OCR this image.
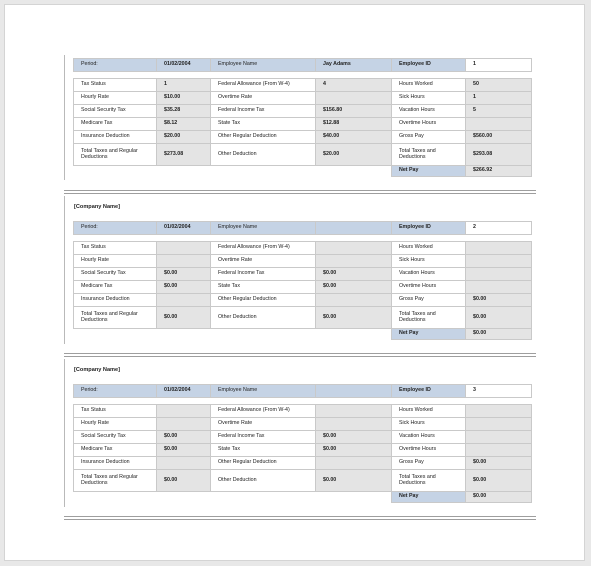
Period:	01/02/2004	Employee Name	Jay Adams	Employee ID	1

Tax Status	1	Federal Allowance (From W-4)	4	Hours Worked	50
Hourly Rate	$10.00	Overtime Rate		Sick Hours	1
Social Security Tax	$35.28	Federal Income Tax	$156.80	Vacation Hours	5
Medicare Tax	$8.12	State Tax	$12.88	Overtime Hours	
Insurance Deduction	$20.00	Other Regular Deduction	$40.00	Gross Pay	$560.00
Total Taxes and Regular Deductions	$273.08	Other Deduction	$20.00	Total Taxes and Deductions	$293.08
				Net Pay	$266.92
[Company Name]
Period:	01/02/2004	Employee Name		Employee ID	2

Tax Status		Federal Allowance (From W-4)		Hours Worked	
Hourly Rate		Overtime Rate		Sick Hours	
Social Security Tax	$0.00	Federal Income Tax	$0.00	Vacation Hours	
Medicare Tax	$0.00	State Tax	$0.00	Overtime Hours	
Insurance Deduction		Other Regular Deduction		Gross Pay	$0.00
Total Taxes and Regular Deductions	$0.00	Other Deduction	$0.00	Total Taxes and Deductions	$0.00
				Net Pay	$0.00
[Company Name]
Period:	01/02/2004	Employee Name		Employee ID	3

Tax Status		Federal Allowance (From W-4)		Hours Worked	
Hourly Rate		Overtime Rate		Sick Hours	
Social Security Tax	$0.00	Federal Income Tax	$0.00	Vacation Hours	
Medicare Tax	$0.00	State Tax	$0.00	Overtime Hours	
Insurance Deduction		Other Regular Deduction		Gross Pay	$0.00
Total Taxes and Regular Deductions	$0.00	Other Deduction	$0.00	Total Taxes and Deductions	$0.00
				Net Pay	$0.00
